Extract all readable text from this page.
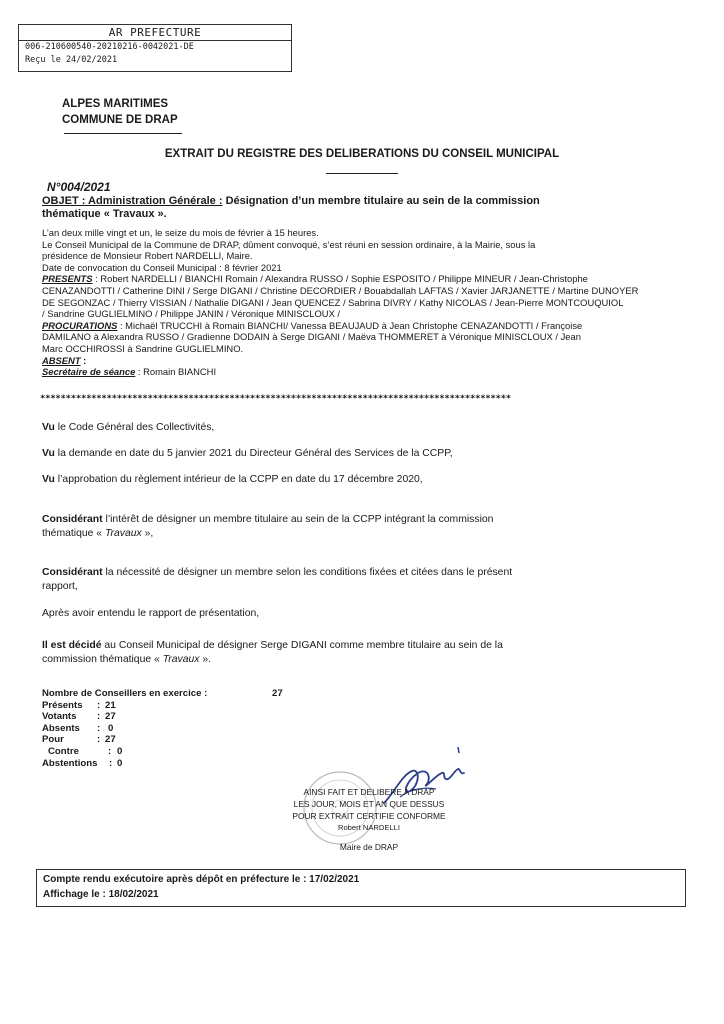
AR PREFECTURE
006-210600540-20210216-0042021-DE
Reçu le 24/02/2021
ALPES MARITIMES
COMMUNE DE DRAP
EXTRAIT DU REGISTRE DES DELIBERATIONS DU CONSEIL MUNICIPAL
N°004/2021
OBJET : Administration Générale : Désignation d’un membre titulaire au sein de la commission
thématique « Travaux ».
L’an deux mille vingt et un, le seize du mois de février à 15 heures.
Le Conseil Municipal de la Commune de DRAP, dûment convoqué, s’est réuni en session ordinaire, à la Mairie, sous la
présidence de Monsieur Robert NARDELLI, Maire.
Date de convocation du Conseil Municipal : 8 février 2021
PRESENTS : Robert NARDELLI / BIANCHI Romain / Alexandra RUSSO / Sophie ESPOSITO / Philippe MINEUR / Jean-Christophe
CENAZANDOTTI / Catherine DINI / Serge DIGANI / Christine DECORDIER / Bouabdallah LAFTAS / Xavier JARJANETTE / Martine DUNOYER
DE SEGONZAC / Thierry VISSIAN / Nathalie DIGANI / Jean QUENCEZ / Sabrina DIVRY / Kathy NICOLAS / Jean-Pierre MONTCOUQUIOL
/ Sandrine GUGLIELMINO / Philippe JANIN / Véronique MINISCLOUX /
PROCURATIONS : Michaël TRUCCHI à Romain BIANCHI/ Vanessa BEAUJAUD à Jean Christophe CENAZANDOTTI / Françoise
DAMILANO à Alexandra RUSSO / Gradienne DODAIN à Serge DIGANI / Maëva THOMMERET à Véronique MINISCLOUX / Jean
Marc OCCHIROSSI à Sandrine GUGLIELMINO.
ABSENT :
Secrétaire de séance : Romain BIANCHI
********************************************************************************************
Vu le Code Général des Collectivités,
Vu la demande en date du 5 janvier 2021 du Directeur Général des Services de la CCPP,
Vu l’approbation du règlement intérieur de la CCPP en date du 17 décembre 2020,
Considérant l’intérêt de désigner un membre titulaire au sein de la CCPP intégrant la commission
thématique « Travaux »,
Considérant la nécessité de désigner un membre selon les conditions fixées et citées dans le présent
rapport,
Après avoir entendu le rapport de présentation,
Il est décidé au Conseil Municipal de désigner Serge DIGANI comme membre titulaire au sein de la
commission thématique « Travaux ».
Nombre de Conseillers en exercice :	27
Présents : 21
Votants : 27
Absents : 0
Pour	: 27
Contre	: 0
Abstentions : 0
AINSI FAIT ET DELIBERE A DRAP
LES JOUR, MOIS ET AN QUE DESSUS
POUR EXTRAIT CERTIFIE CONFORME
Robert NARDELLI
Maire de DRAP
Compte rendu exécutoire après dépôt en préfecture le : 17/02/2021
Affichage le : 18/02/2021
